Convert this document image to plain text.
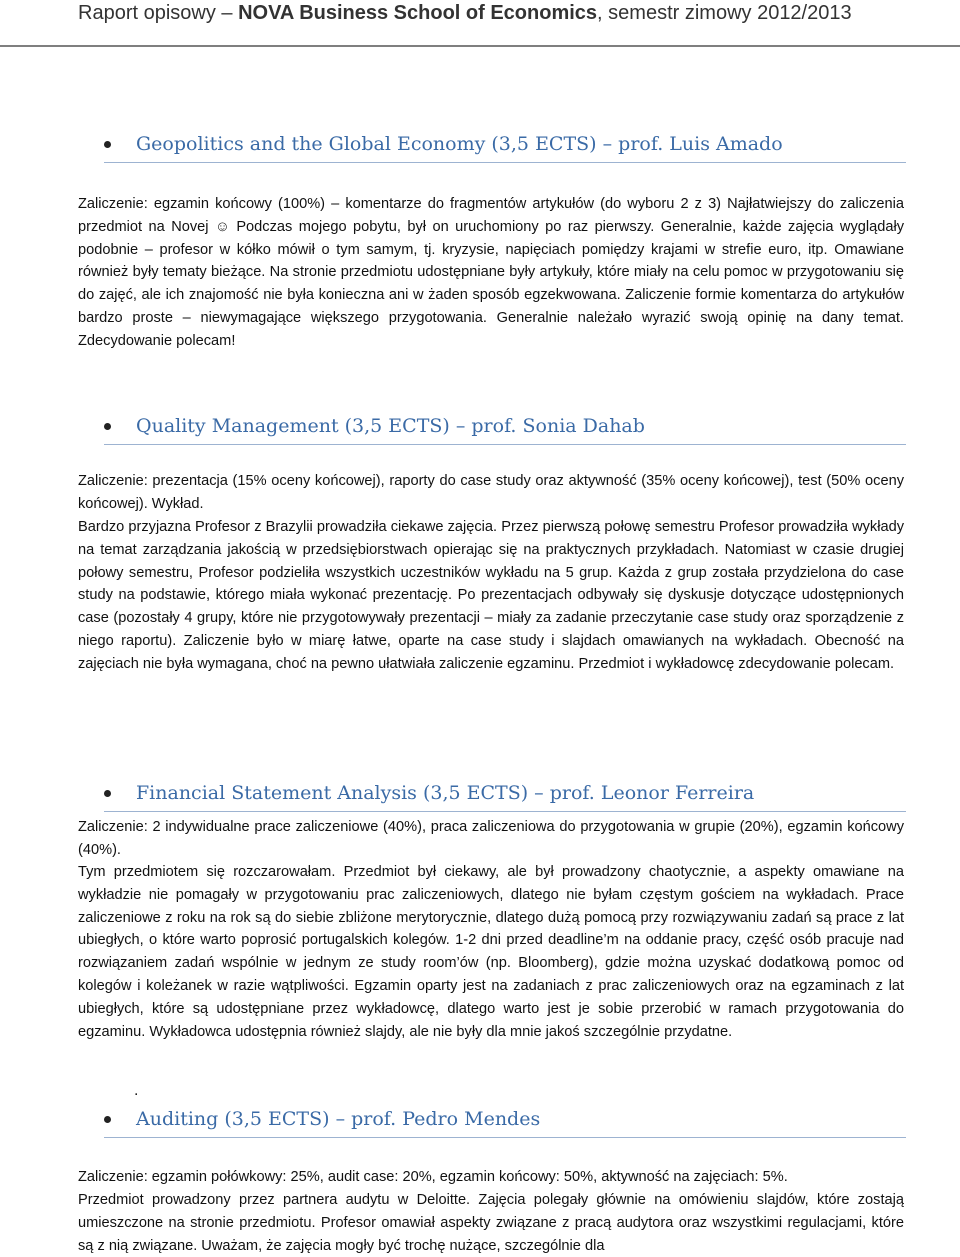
Raport opisowy – NOVA Business School of Economics, semestr zimowy 2012/2013
Geopolitics and the Global Economy (3,5 ECTS) – prof. Luis Amado

Zaliczenie: egzamin końcowy (100%) – komentarze do fragmentów artykułów (do wyboru 2 z 3) Najłatwiejszy do zaliczenia przedmiot na Novej ☺ Podczas mojego pobytu, był on uruchomiony po raz pierwszy. Generalnie, każde zajęcia wyglądały podobnie – profesor w kółko mówił o tym samym, tj. kryzysie, napięciach pomiędzy krajami w strefie euro, itp. Omawiane również były tematy bieżące. Na stronie przedmiotu udostępniane były artykuły, które miały na celu pomoc w przygotowaniu się do zajęć, ale ich znajomość nie była konieczna ani w żaden sposób egzekwowana. Zaliczenie formie komentarza do artykułów bardzo proste – niewymagające większego przygotowania. Generalnie należało wyrazić swoją opinię na dany temat. Zdecydowanie polecam!

Quality Management (3,5 ECTS) – prof. Sonia Dahab

Zaliczenie: prezentacja (15% oceny końcowej), raporty do case study oraz aktywność (35% oceny końcowej), test (50% oceny końcowej). Wykład.

Bardzo przyjazna Profesor z Brazylii prowadziła ciekawe zajęcia. Przez pierwszą połowę semestru Profesor prowadziła wykłady na temat zarządzania jakością w przedsiębiorstwach opierając się na praktycznych przykładach. Natomiast w czasie drugiej połowy semestru, Profesor podzieliła wszystkich uczestników wykładu na 5 grup. Każda z grup została przydzielona do case study na podstawie, którego miała wykonać prezentację. Po prezentacjach odbywały się dyskusje dotyczące udostępnionych case (pozostały 4 grupy, które nie przygotowywały prezentacji – miały za zadanie przeczytanie case study oraz sporządzenie z niego raportu). Zaliczenie było w miarę łatwe, oparte na case study i slajdach omawianych na wykładach. Obecność na zajęciach nie była wymagana, choć na pewno ułatwiała zaliczenie egzaminu. Przedmiot i wykładowcę zdecydowanie polecam.

Financial Statement Analysis (3,5 ECTS) – prof. Leonor Ferreira

Zaliczenie: 2 indywidualne prace zaliczeniowe (40%), praca zaliczeniowa do przygotowania w grupie (20%), egzamin końcowy (40%).

Tym przedmiotem się rozczarowałam. Przedmiot był ciekawy, ale był prowadzony chaotycznie, a aspekty omawiane na wykładzie nie pomagały w przygotowaniu prac zaliczeniowych, dlatego nie byłam częstym gościem na wykładach. Prace zaliczeniowe z roku na rok są do siebie zbliżone merytorycznie, dlatego dużą pomocą przy rozwiązywaniu zadań są prace z lat ubiegłych, o które warto poprosić portugalskich kolegów. 1-2 dni przed deadline’m na oddanie pracy, część osób pracuje nad rozwiązaniem zadań wspólnie w jednym ze study room’ów (np. Bloomberg), gdzie można uzyskać dodatkową pomoc od kolegów i koleżanek w razie wątpliwości. Egzamin oparty jest na zadaniach z prac zaliczeniowych oraz na egzaminach z lat ubiegłych, które są udostępniane przez wykładowcę, dlatego warto jest je sobie przerobić w ramach przygotowania do egzaminu. Wykładowca udostępnia również slajdy, ale nie były dla mnie jakoś szczególnie przydatne.

.
Auditing (3,5 ECTS) – prof. Pedro Mendes

Zaliczenie: egzamin połówkowy: 25%, audit case: 20%, egzamin końcowy: 50%, aktywność na zajęciach: 5%.

Przedmiot prowadzony przez partnera audytu w Deloitte. Zajęcia polegały głównie na omówieniu slajdów, które zostają umieszczone na stronie przedmiotu. Profesor omawiał aspekty związane z pracą audytora oraz wszystkimi regulacjami, które są z nią związane. Uważam, że zajęcia mogły być trochę nużące, szczególnie dla
